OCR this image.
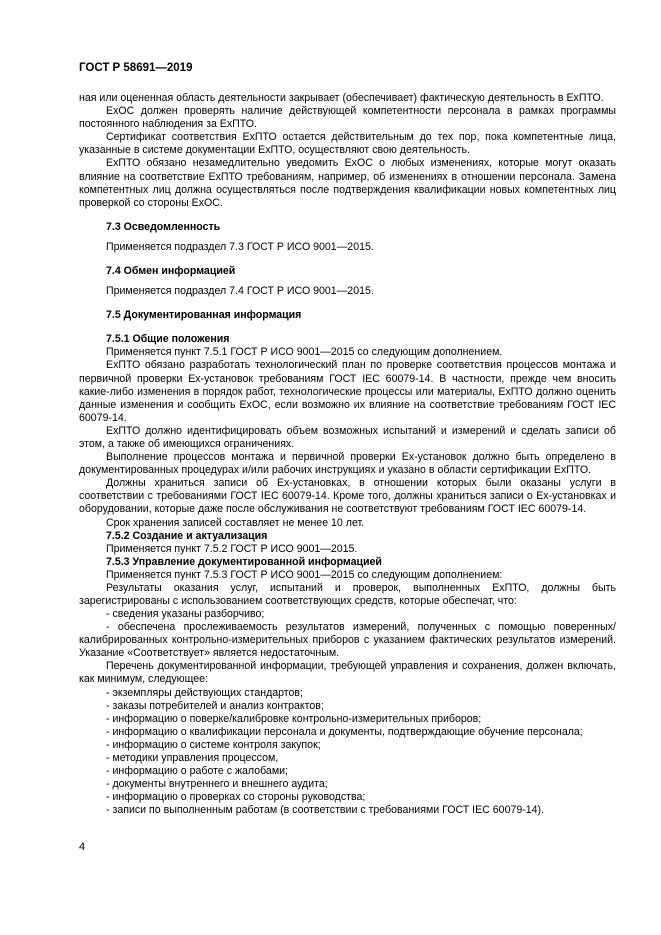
ГОСТ Р 58691—2019

ная или оцененная область деятельности закрывает (обеспечивает) фактическую деятельность в ЕхПТО.

ЕхОС должен проверять наличие действующей компетентности персонала в рамках программы постоянного наблюдения за ЕхПТО.

Сертификат соответствия ЕхПТО остается действительным до тех пор, пока компетентные лица, указанные в системе документации ЕхПТО, осуществляют свою деятельность.

ЕхПТО обязано незамедлительно уведомить ЕхОС о любых изменениях, которые могут оказать влияние на соответствие ЕхПТО требованиям, например, об изменениях в отношении персонала. Замена компетентных лиц должна осуществляться после подтверждения квалификации новых компетентных лиц проверкой со стороны ЕхОС.

7.3 Осведомленность

Применяется подраздел 7.3 ГОСТ Р ИСО 9001—2015.

7.4 Обмен информацией

Применяется подраздел 7.4 ГОСТ Р ИСО 9001—2015.

7.5 Документированная информация
7.5.1 Общие положения

Применяется пункт 7.5.1 ГОСТ Р ИСО 9001—2015 со следующим дополнением.

ЕхПТО обязано разработать технологический план по проверке соответствия процессов монтажа и первичной проверки Ех-установок требованиям ГОСТ IEC 60079-14. В частности, прежде чем вносить какие-либо изменения в порядок работ, технологические процессы или материалы, ЕхПТО должно оценить данные изменения и сообщить ЕхОС, если возможно их влияние на соответствие требованиям ГОСТ IEC 60079-14.

ЕхПТО должно идентифицировать объем возможных испытаний и измерений и сделать записи об этом, а также об имеющихся ограничениях.

Выполнение процессов монтажа и первичной проверки Ех-установок должно быть определено в документированных процедурах и/или рабочих инструкциях и указано в области сертификации ЕхПТО.

Должны храниться записи об Ех-установках, в отношении которых были оказаны услуги в соответствии с требованиями ГОСТ IEC 60079-14. Кроме того, должны храниться записи о Ех-установках и оборудовании, которые даже после обслуживания не соответствуют требованиям ГОСТ IEC 60079-14.

Срок хранения записей составляет не менее 10 лет.

7.5.2 Создание и актуализация

Применяется пункт 7.5.2 ГОСТ Р ИСО 9001—2015.

7.5.3 Управление документированной информацией

Применяется пункт 7.5.3 ГОСТ Р ИСО 9001—2015 со следующим дополнением:

Результаты оказания услуг, испытаний и проверок, выполненных ЕхПТО, должны быть зарегистрированы с использованием соответствующих средств, которые обеспечат, что:

- сведения указаны разборчиво;

- обеспечена прослеживаемость результатов измерений, полученных с помощью поверенных/калибрированных контрольно-измерительных приборов с указанием фактических результатов измерений. Указание «Соответствует» является недостаточным.

Перечень документированной информации, требующей управления и сохранения, должен включать, как минимум, следующее:

- экземпляры действующих стандартов;
- заказы потребителей и анализ контрактов;
- информацию о поверке/калибровке контрольно-измерительных приборов;
- информацию о квалификации персонала и документы, подтверждающие обучение персонала;
- информацию о системе контроля закупок;
- методики управления процессом,
- информацию о работе с жалобами;
- документы внутреннего и внешнего аудита;
- информацию о проверках со стороны руководства;
- записи по выполненным работам (в соответствии с требованиями ГОСТ IEC 60079-14).

4
